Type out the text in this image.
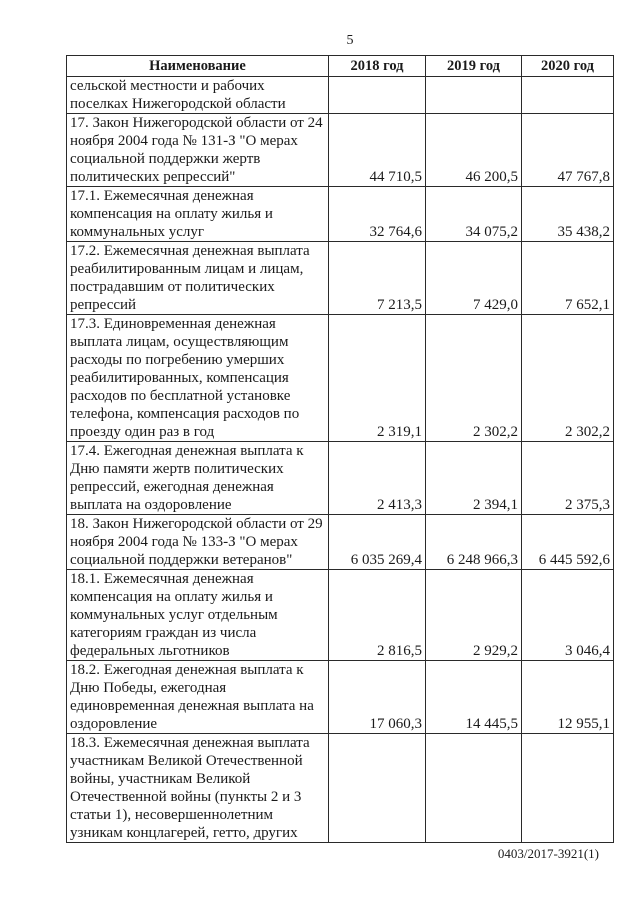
5
Наименование	2018 год	2019 год	2020 год
сельской местности и рабочих поселках Нижегородской области			
17. Закон Нижегородской области от 24 ноября 2004 года № 131-З "О мерах социальной поддержки жертв политических репрессий"	44 710,5	46 200,5	47 767,8
17.1. Ежемесячная денежная компенсация на оплату жилья и коммунальных услуг	32 764,6	34 075,2	35 438,2
17.2. Ежемесячная денежная выплата реабилитированным лицам и лицам, пострадавшим от политических репрессий	7 213,5	7 429,0	7 652,1
17.3. Единовременная денежная выплата лицам, осуществляющим расходы по погребению умерших реабилитированных, компенсация расходов по бесплатной установке телефона, компенсация расходов по проезду один раз в год	2 319,1	2 302,2	2 302,2
17.4. Ежегодная денежная выплата к Дню памяти жертв политических репрессий, ежегодная денежная выплата на оздоровление	2 413,3	2 394,1	2 375,3
18. Закон Нижегородской области от 29 ноября 2004 года № 133-З "О мерах социальной поддержки ветеранов"	6 035 269,4	6 248 966,3	6 445 592,6
18.1. Ежемесячная денежная компенсация на оплату жилья и коммунальных услуг отдельным категориям граждан из числа федеральных льготников	2 816,5	2 929,2	3 046,4
18.2. Ежегодная денежная выплата к Дню Победы, ежегодная единовременная денежная выплата на оздоровление	17 060,3	14 445,5	12 955,1
18.3. Ежемесячная денежная выплата участникам Великой Отечественной войны, участникам Великой Отечественной войны (пункты 2 и 3 статьи 1), несовершеннолетним узникам концлагерей, гетто, других			
0403/2017-3921(1)
